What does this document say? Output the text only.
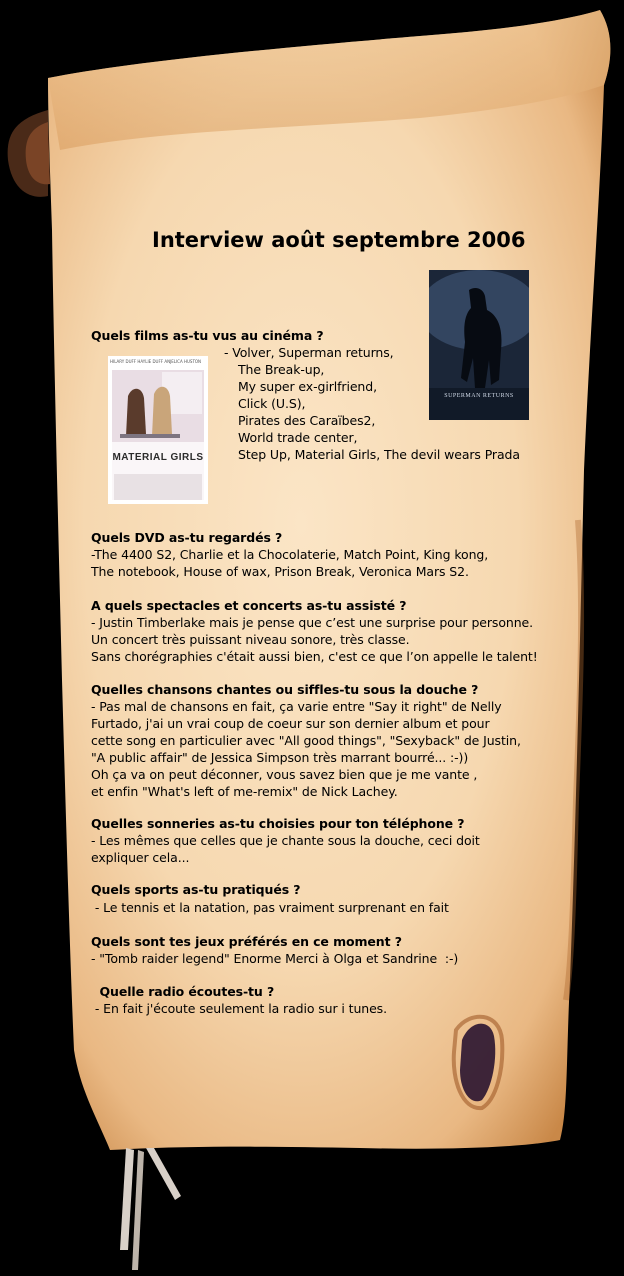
Interview août septembre 2006
SUPERMAN RETURNS
HILARY DUFF HAYLIE DUFF ANJELICA HUSTON
MATERIAL GIRLS
Quels films as-tu vus au cinéma ?
- Volver, Superman returns,
The Break-up,
My super ex-girlfriend,
Click (U.S),
Pirates des Caraïbes2,
World trade center,
Step Up, Material Girls, The devil wears Prada
Quels DVD as-tu regardés ?
-The 4400 S2, Charlie et la Chocolaterie, Match Point, King kong,
The notebook, House of wax, Prison Break, Veronica Mars S2.
A quels spectacles et concerts as-tu assisté ?
- Justin Timberlake mais je pense que c’est une surprise pour personne.
Un concert très puissant niveau sonore, très classe.
Sans chorégraphies c'était aussi bien, c'est ce que l’on appelle le talent!
Quelles chansons chantes ou siffles-tu sous la douche ?
- Pas mal de chansons en fait, ça varie entre "Say it right" de Nelly
Furtado, j'ai un vrai coup de coeur sur son dernier album et pour
cette song en particulier avec "All good things", "Sexyback" de Justin,
"A public affair" de Jessica Simpson très marrant bourré... :-))
Oh ça va on peut déconner, vous savez bien que je me vante ,
et enfin "What's left of me-remix" de Nick Lachey.
Quelles sonneries as-tu choisies pour ton téléphone ?
- Les mêmes que celles que je chante sous la douche, ceci doit
expliquer cela...
Quels sports as-tu pratiqués ?
- Le tennis et la natation, pas vraiment surprenant en fait
Quels sont tes jeux préférés en ce moment ?
- "Tomb raider legend" Enorme Merci à Olga et Sandrine  :-)
Quelle radio écoutes-tu ?
- En fait j'écoute seulement la radio sur i tunes.
